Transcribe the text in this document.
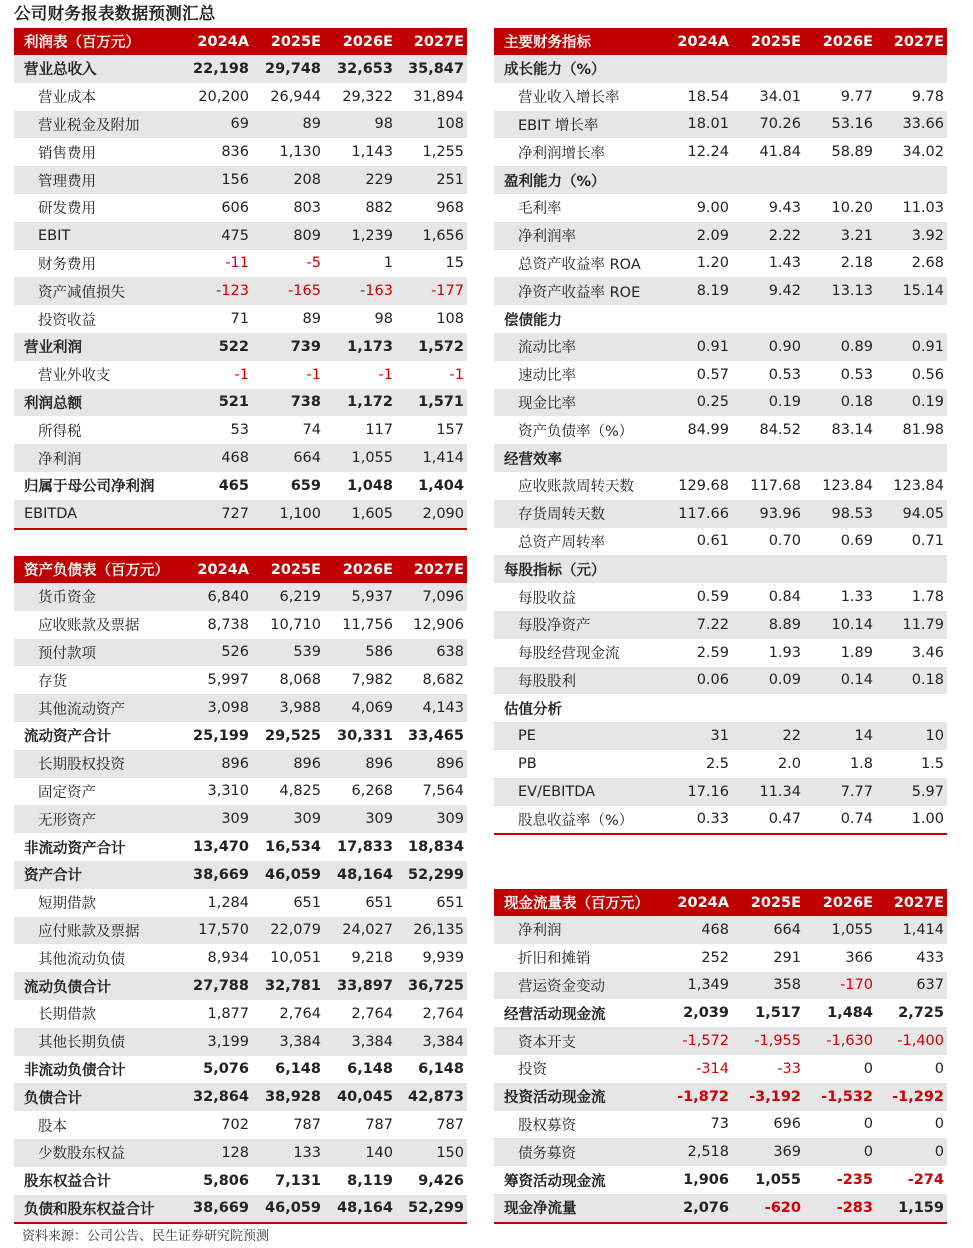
公司财务报表数据预测汇总
利润表（百万元）	2024A	2025E	2026E	2027E
营业总收入	22,198	29,748	32,653	35,847
营业成本	20,200	26,944	29,322	31,894
营业税金及附加	69	89	98	108
销售费用	836	1,130	1,143	1,255
管理费用	156	208	229	251
研发费用	606	803	882	968
EBIT	475	809	1,239	1,656
财务费用	-11	-5	1	15
资产减值损失	-123	-165	-163	-177
投资收益	71	89	98	108
营业利润	522	739	1,173	1,572
营业外收支	-1	-1	-1	-1
利润总额	521	738	1,172	1,571
所得税	53	74	117	157
净利润	468	664	1,055	1,414
归属于母公司净利润	465	659	1,048	1,404
EBITDA	727	1,100	1,605	2,090
资产负债表（百万元）	2024A	2025E	2026E	2027E
货币资金	6,840	6,219	5,937	7,096
应收账款及票据	8,738	10,710	11,756	12,906
预付款项	526	539	586	638
存货	5,997	8,068	7,982	8,682
其他流动资产	3,098	3,988	4,069	4,143
流动资产合计	25,199	29,525	30,331	33,465
长期股权投资	896	896	896	896
固定资产	3,310	4,825	6,268	7,564
无形资产	309	309	309	309
非流动资产合计	13,470	16,534	17,833	18,834
资产合计	38,669	46,059	48,164	52,299
短期借款	1,284	651	651	651
应付账款及票据	17,570	22,079	24,027	26,135
其他流动负债	8,934	10,051	9,218	9,939
流动负债合计	27,788	32,781	33,897	36,725
长期借款	1,877	2,764	2,764	2,764
其他长期负债	3,199	3,384	3,384	3,384
非流动负债合计	5,076	6,148	6,148	6,148
负债合计	32,864	38,928	40,045	42,873
股本	702	787	787	787
少数股东权益	128	133	140	150
股东权益合计	5,806	7,131	8,119	9,426
负债和股东权益合计	38,669	46,059	48,164	52,299
主要财务指标	2024A	2025E	2026E	2027E
成长能力（%）				
营业收入增长率	18.54	34.01	9.77	9.78
EBIT 增长率	18.01	70.26	53.16	33.66
净利润增长率	12.24	41.84	58.89	34.02
盈利能力（%）				
毛利率	9.00	9.43	10.20	11.03
净利润率	2.09	2.22	3.21	3.92
总资产收益率 ROA	1.20	1.43	2.18	2.68
净资产收益率 ROE	8.19	9.42	13.13	15.14
偿债能力				
流动比率	0.91	0.90	0.89	0.91
速动比率	0.57	0.53	0.53	0.56
现金比率	0.25	0.19	0.18	0.19
资产负债率（%）	84.99	84.52	83.14	81.98
经营效率				
应收账款周转天数	129.68	117.68	123.84	123.84
存货周转天数	117.66	93.96	98.53	94.05
总资产周转率	0.61	0.70	0.69	0.71
每股指标（元）				
每股收益	0.59	0.84	1.33	1.78
每股净资产	7.22	8.89	10.14	11.79
每股经营现金流	2.59	1.93	1.89	3.46
每股股利	0.06	0.09	0.14	0.18
估值分析				
PE	31	22	14	10
PB	2.5	2.0	1.8	1.5
EV/EBITDA	17.16	11.34	7.77	5.97
股息收益率（%）	0.33	0.47	0.74	1.00
现金流量表（百万元）	2024A	2025E	2026E	2027E
净利润	468	664	1,055	1,414
折旧和摊销	252	291	366	433
营运资金变动	1,349	358	-170	637
经营活动现金流	2,039	1,517	1,484	2,725
资本开支	-1,572	-1,955	-1,630	-1,400
投资	-314	-33	0	0
投资活动现金流	-1,872	-3,192	-1,532	-1,292
股权募资	73	696	0	0
债务募资	2,518	369	0	0
筹资活动现金流	1,906	1,055	-235	-274
现金净流量	2,076	-620	-283	1,159
资料来源：公司公告、民生证券研究院预测
